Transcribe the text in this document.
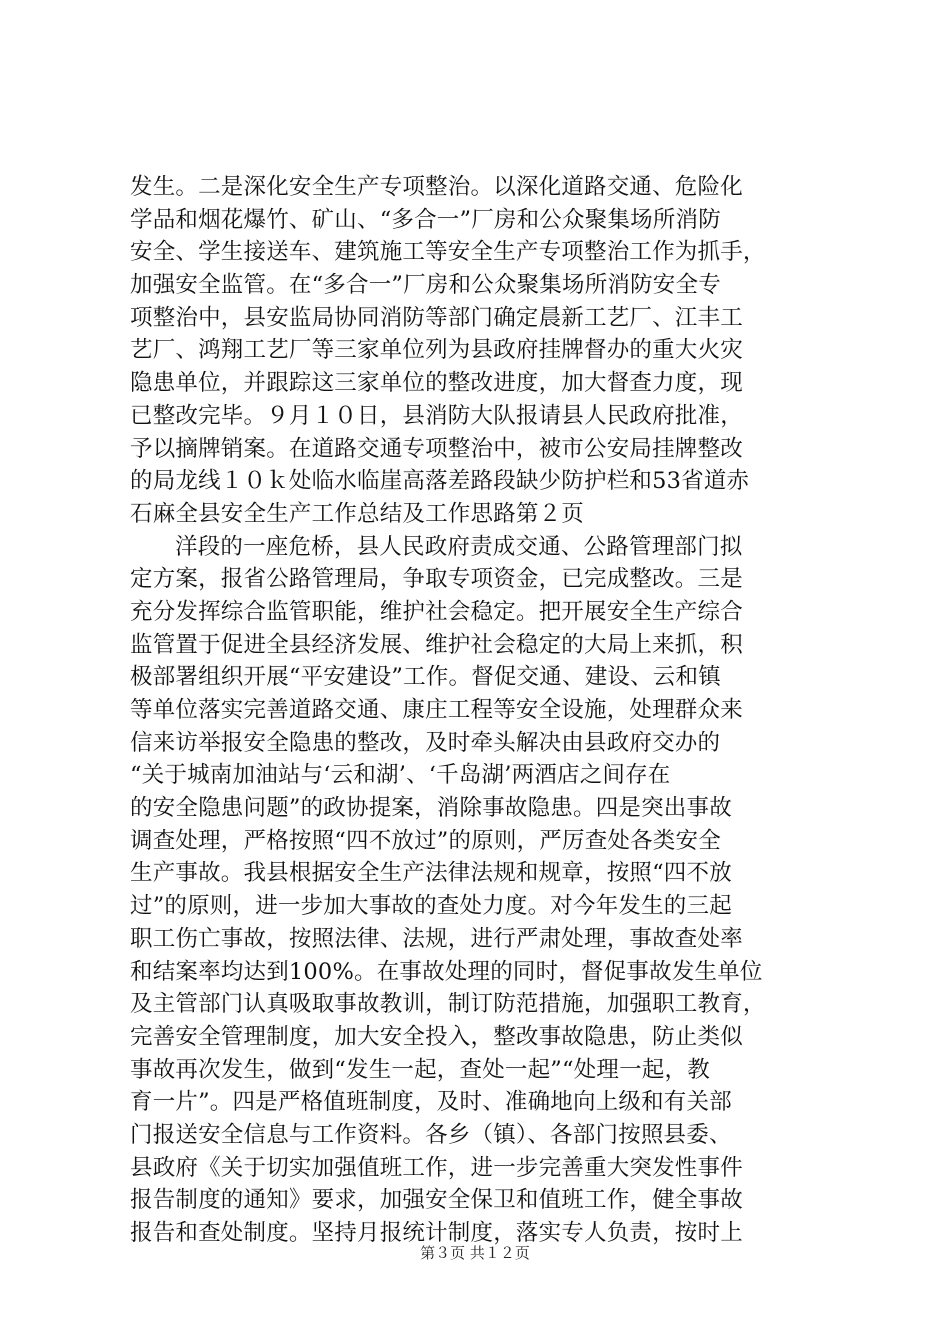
发生。二是深化安全生产专项整治。以深化道路交通、危险化
学品和烟花爆竹、矿山、“多合一”厂房和公众聚集场所消防
安全、学生接送车、建筑施工等安全生产专项整治工作为抓手，
加强安全监管。在“多合一”厂房和公众聚集场所消防安全专
项整治中，县安监局协同消防等部门确定晨新工艺厂、江丰工
艺厂、鸿翔工艺厂等三家单位列为县政府挂牌督办的重大火灾
隐患单位，并跟踪这三家单位的整改进度，加大督查力度，现
已整改完毕。９月１０日，县消防大队报请县人民政府批准，
予以摘牌销案。在道路交通专项整治中，被市公安局挂牌整改
的局龙线１０ｋ处临水临崖高落差路段缺少防护栏和53省道赤
石麻全县安全生产工作总结及工作思路第２页
洋段的一座危桥，县人民政府责成交通、公路管理部门拟
定方案，报省公路管理局，争取专项资金，已完成整改。三是
充分发挥综合监管职能，维护社会稳定。把开展安全生产综合
监管置于促进全县经济发展、维护社会稳定的大局上来抓，积
极部署组织开展“平安建设”工作。督促交通、建设、云和镇
等单位落实完善道路交通、康庄工程等安全设施，处理群众来
信来访举报安全隐患的整改，及时牵头解决由县政府交办的
“关于城南加油站与‘云和湖’、‘千岛湖’两酒店之间存在
的安全隐患问题”的政协提案，消除事故隐患。四是突出事故
调查处理，严格按照“四不放过”的原则，严厉查处各类安全
生产事故。我县根据安全生产法律法规和规章，按照“四不放
过”的原则，进一步加大事故的查处力度。对今年发生的三起
职工伤亡事故，按照法律、法规，进行严肃处理，事故查处率
和结案率均达到100%。在事故处理的同时，督促事故发生单位
及主管部门认真吸取事故教训，制订防范措施，加强职工教育，
完善安全管理制度，加大安全投入，整改事故隐患，防止类似
事故再次发生，做到“发生一起，查处一起”“处理一起，教
育一片”。四是严格值班制度，及时、准确地向上级和有关部
门报送安全信息与工作资料。各乡（镇）、各部门按照县委、
县政府《关于切实加强值班工作，进一步完善重大突发性事件
报告制度的通知》要求，加强安全保卫和值班工作，健全事故
报告和查处制度。坚持月报统计制度，落实专人负责，按时上
第３页 共１２页
